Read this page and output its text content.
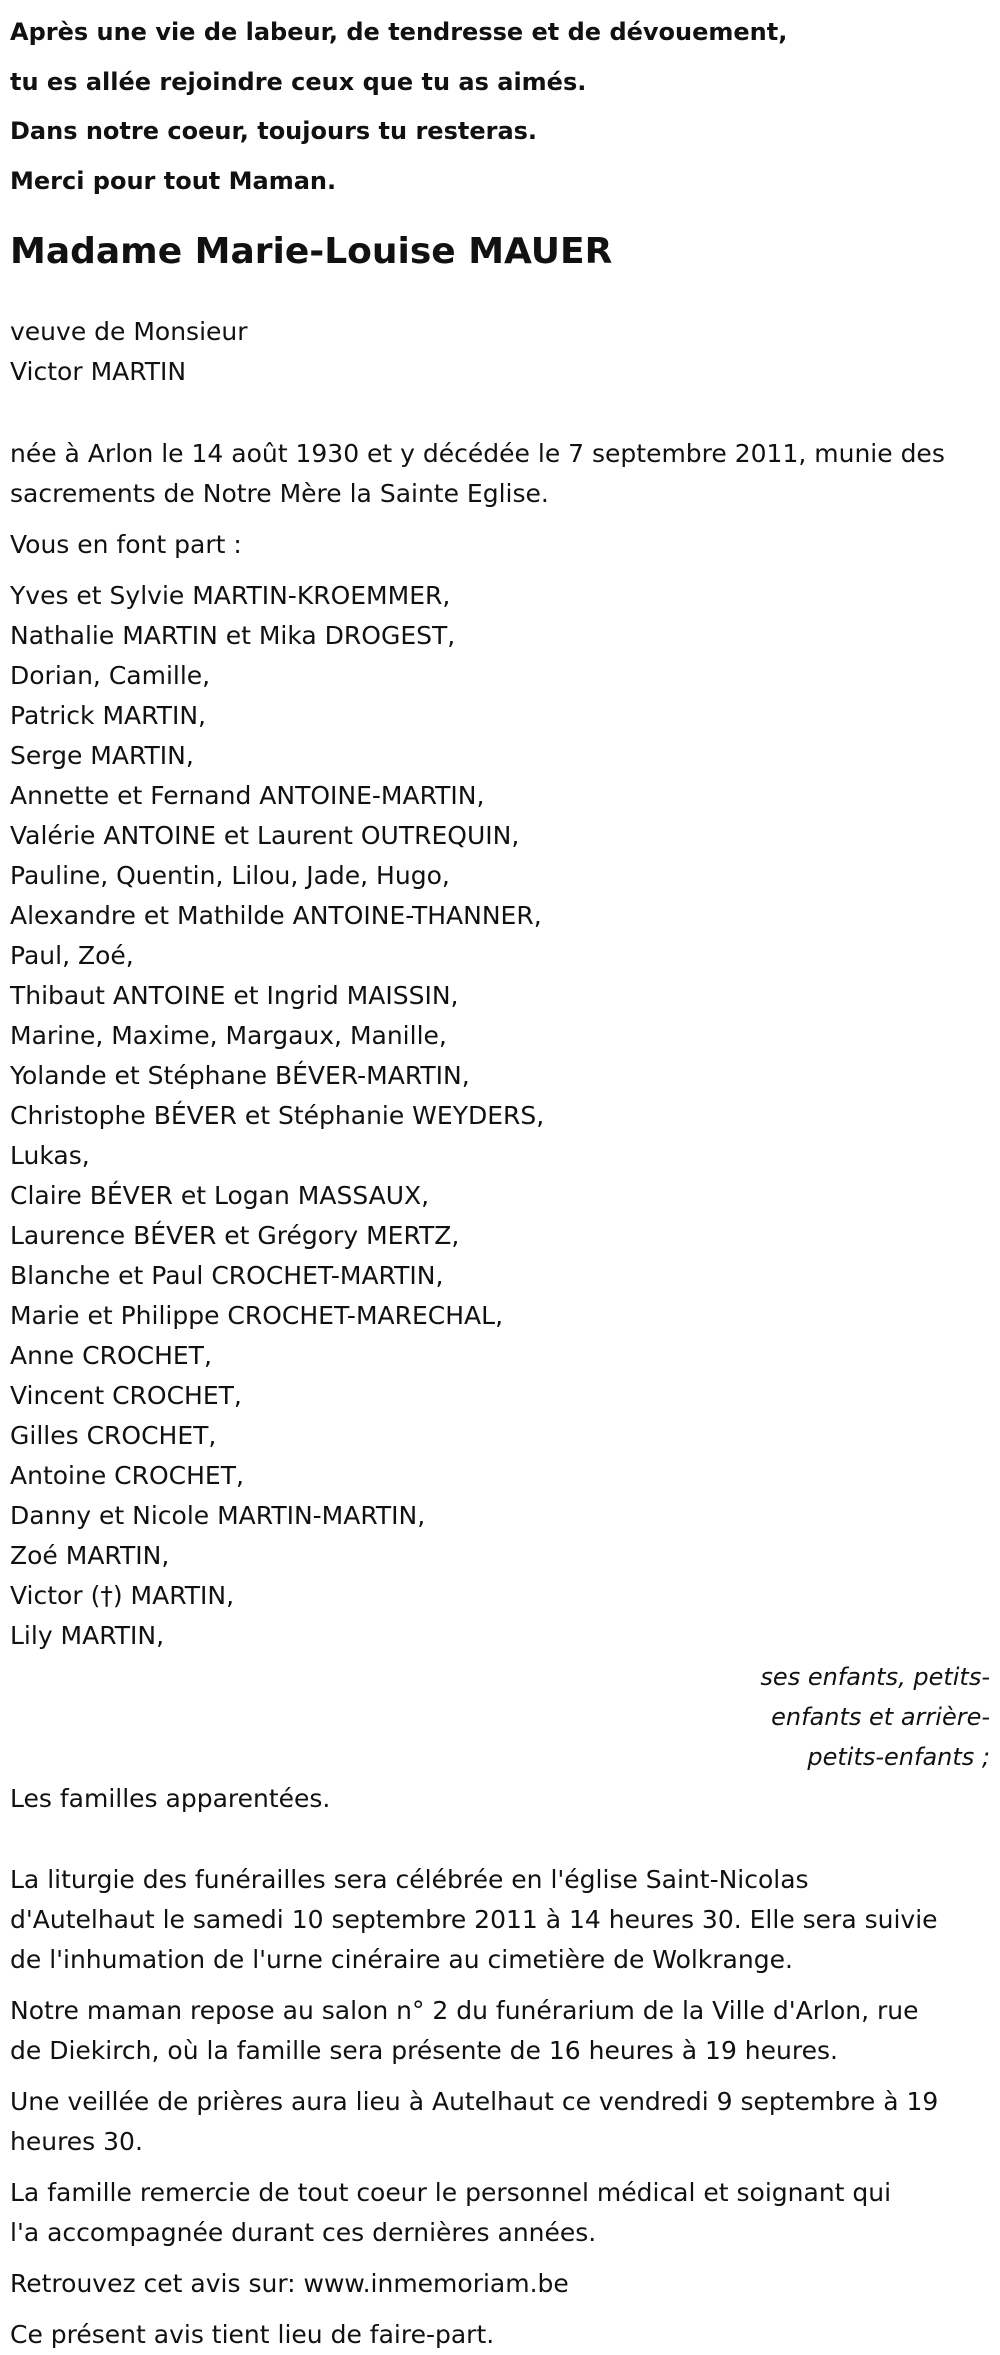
Après une vie de labeur, de tendresse et de dévouement,
tu es allée rejoindre ceux que tu as aimés.
Dans notre coeur, toujours tu resteras.
Merci pour tout Maman.
Madame Marie-Louise MAUER
veuve de Monsieur
Victor MARTIN
née à Arlon le 14 août 1930 et y décédée le 7 septembre 2011, munie des
sacrements de Notre Mère la Sainte Eglise.
Vous en font part :
Yves et Sylvie MARTIN-KROEMMER,
Nathalie MARTIN et Mika DROGEST,
Dorian, Camille,
Patrick MARTIN,
Serge MARTIN,
Annette et Fernand ANTOINE-MARTIN,
Valérie ANTOINE et Laurent OUTREQUIN,
Pauline, Quentin, Lilou, Jade, Hugo,
Alexandre et Mathilde ANTOINE-THANNER,
Paul, Zoé,
Thibaut ANTOINE et Ingrid MAISSIN,
Marine, Maxime, Margaux, Manille,
Yolande et Stéphane BÉVER-MARTIN,
Christophe BÉVER et Stéphanie WEYDERS,
Lukas,
Claire BÉVER et Logan MASSAUX,
Laurence BÉVER et Grégory MERTZ,
Blanche et Paul CROCHET-MARTIN,
Marie et Philippe CROCHET-MARECHAL,
Anne CROCHET,
Vincent CROCHET,
Gilles CROCHET,
Antoine CROCHET,
Danny et Nicole MARTIN-MARTIN,
Zoé MARTIN,
Victor (†) MARTIN,
Lily MARTIN,
ses enfants, petits-
enfants et arrière-
petits-enfants ;
Les familles apparentées.
La liturgie des funérailles sera célébrée en l'église Saint-Nicolas
d'Autelhaut le samedi 10 septembre 2011 à 14 heures 30. Elle sera suivie
de l'inhumation de l'urne cinéraire au cimetière de Wolkrange.
Notre maman repose au salon n° 2 du funérarium de la Ville d'Arlon, rue
de Diekirch, où la famille sera présente de 16 heures à 19 heures.
Une veillée de prières aura lieu à Autelhaut ce vendredi 9 septembre à 19
heures 30.
La famille remercie de tout coeur le personnel médical et soignant qui
l'a accompagnée durant ces dernières années.
Retrouvez cet avis sur: www.inmemoriam.be
Ce présent avis tient lieu de faire-part.
